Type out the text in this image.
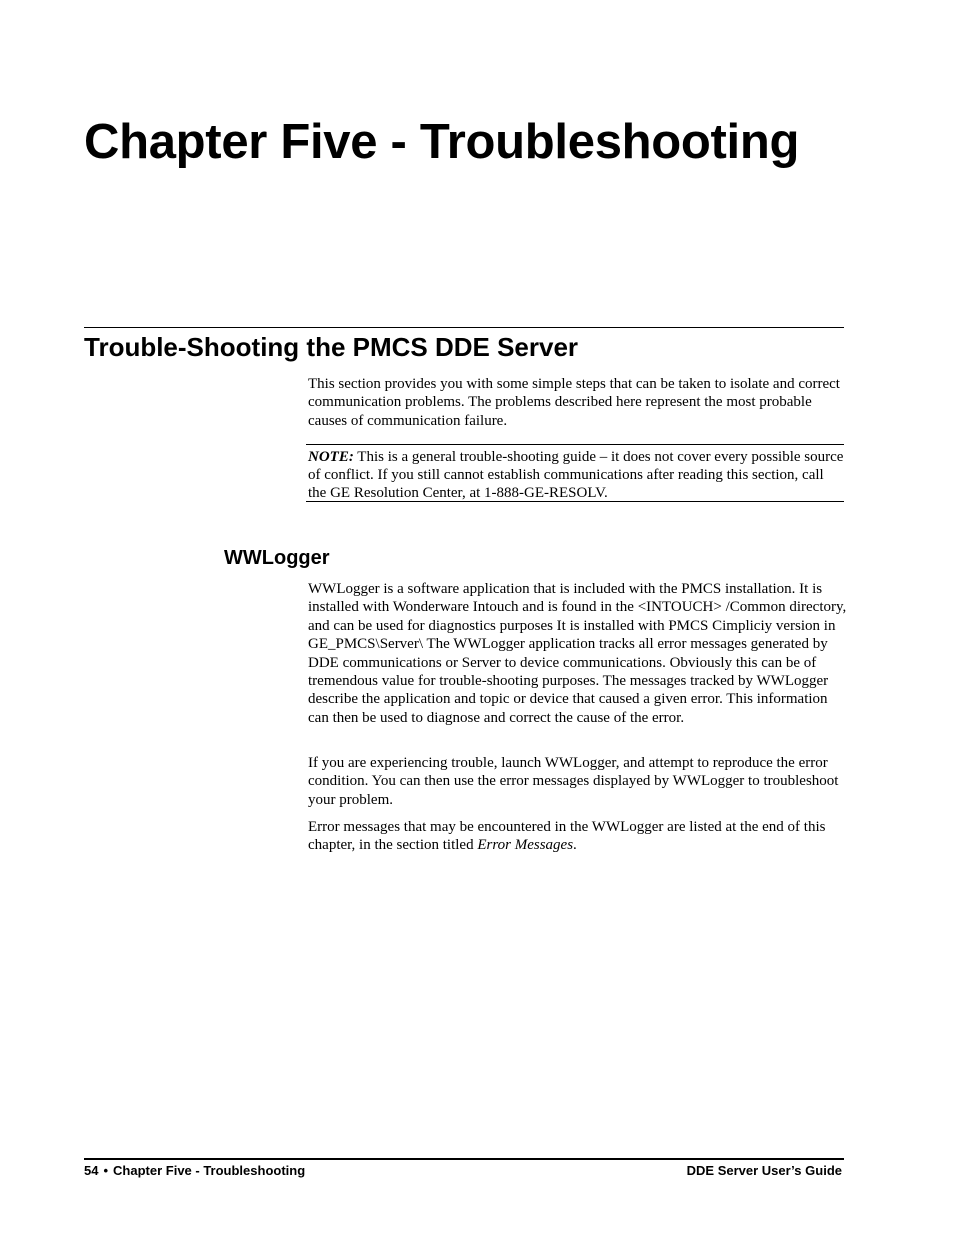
Chapter Five - Troubleshooting
Trouble-Shooting the PMCS DDE Server

This section provides you with some simple steps that can be taken to isolate and correct communication problems. The problems described here represent the most probable causes of communication failure.

NOTE: This is a general trouble-shooting guide – it does not cover every possible source of conflict. If you still cannot establish communications after reading this section, call the GE Resolution Center, at 1-888-GE-RESOLV.

WWLogger

WWLogger is a software application that is included with the PMCS installation. It is installed with Wonderware Intouch and is found in the <INTOUCH> /Common directory, and can be used for diagnostics purposes It is installed with PMCS Cimpliciy version in GE_PMCS\Server\ The WWLogger application tracks all error messages generated by DDE communications or Server to device communications. Obviously this can be of tremendous value for trouble-shooting purposes. The messages tracked by WWLogger describe the application and topic or device that caused a given error. This information can then be used to diagnose and correct the cause of the error.

If you are experiencing trouble, launch WWLogger, and attempt to reproduce the error condition. You can then use the error messages displayed by WWLogger to troubleshoot your problem.

Error messages that may be encountered in the WWLogger are listed at the end of this chapter, in the section titled Error Messages.

54 • Chapter Five - Troubleshooting	DDE Server User’s Guide
